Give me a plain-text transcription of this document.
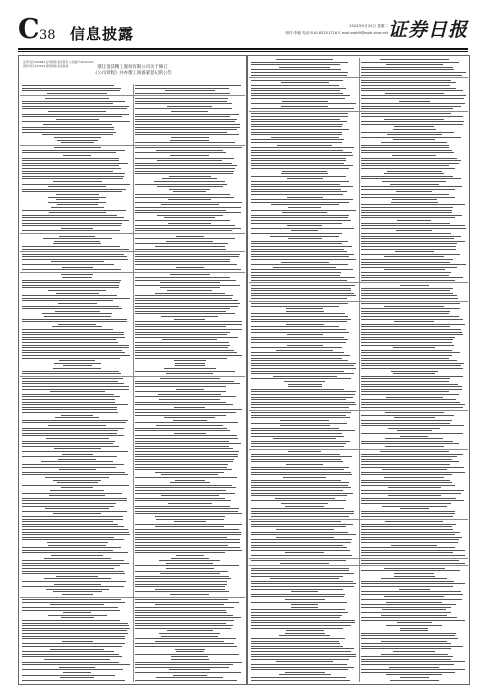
C 38 信息披露	2024年9月24日 星期二
制作:李颖 电话:010-83251716 E-mail:zqrb9@zqrb.sina.net 证券日报
证券代码:300984 证券简称:金沃股份 公告编号:2024-047
债券代码:123199 债券简称:金沃转债	浙江金沃精工股份有限公司关于修订
《公司章程》并办理工商备案登记的公告
